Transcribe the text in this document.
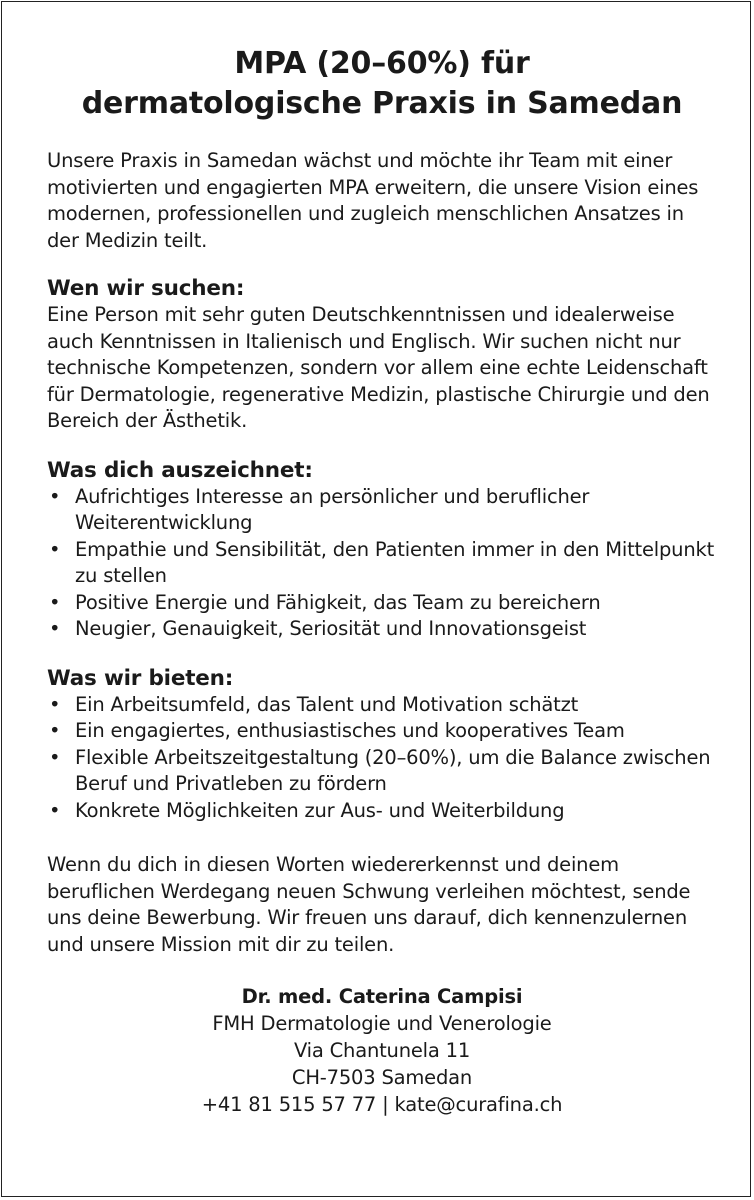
MPA (20–60%) für
dermatologische Praxis in Samedan

Unsere Praxis in Samedan wächst und möchte ihr Team mit einer motivierten und engagierten MPA erweitern, die unsere Vision eines modernen, professionellen und zugleich menschlichen Ansatzes in der Medizin teilt.

Wen wir suchen:

Eine Person mit sehr guten Deutschkenntnissen und idealerweise auch Kenntnissen in Italienisch und Englisch. Wir suchen nicht nur technische Kompetenzen, sondern vor allem eine echte Leidenschaft für Dermatologie, regenerative Medizin, plastische Chirurgie und den Bereich der Ästhetik.

Was dich auszeichnet:
• Aufrichtiges Interesse an persönlicher und beruflicher Weiterentwicklung
• Empathie und Sensibilität, den Patienten immer in den Mittelpunkt zu stellen
• Positive Energie und Fähigkeit, das Team zu bereichern
• Neugier, Genauigkeit, Seriosität und Innovationsgeist
Was wir bieten:
• Ein Arbeitsumfeld, das Talent und Motivation schätzt
• Ein engagiertes, enthusiastisches und kooperatives Team
• Flexible Arbeitszeitgestaltung (20–60%), um die Balance zwischen Beruf und Privatleben zu fördern
• Konkrete Möglichkeiten zur Aus- und Weiterbildung

Wenn du dich in diesen Worten wiedererkennst und deinem beruflichen Werdegang neuen Schwung verleihen möchtest, sende uns deine Bewerbung. Wir freuen uns darauf, dich kennenzulernen und unsere Mission mit dir zu teilen.

Dr. med. Caterina Campisi
FMH Dermatologie und Venerologie
Via Chantunela 11
CH-7503 Samedan
+41 81 515 57 77 | kate@curafina.ch
